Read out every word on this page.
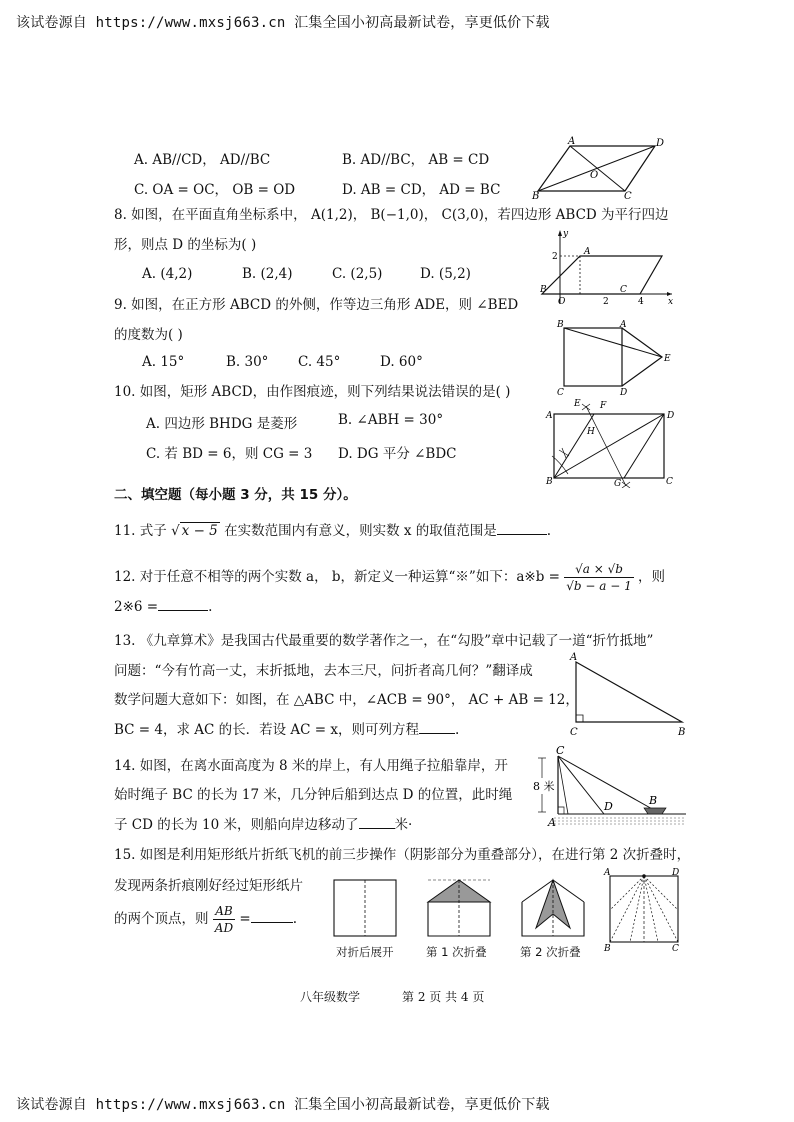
该试卷源自 https://www.mxsj663.cn 汇集全国小初高最新试卷，享更低价下载
A. AB//CD， AD//BC	B. AD//BC， AB = CD
C. OA = OC， OB = OD	D. AB = CD， AD = BC
A	D
O
B	C
8. 如图，在平面直角坐标系中， A(1,2)， B(−1,0)， C(3,0)，若四边形 ABCD 为平行四边
形，则点 D 的坐标为( )
A. (4,2)	B. (2,4)	C. (2,5)	D. (5,2)
y
A
2
B
O	2
C
4	x
9. 如图，在正方形 ABCD 的外侧，作等边三角形 ADE，则 ∠BED
的度数为( )
A. 15°	B. 30° C. 45°	D. 60°
B	A
E
C	D
10. 如图，矩形 ABCD，由作图痕迹，则下列结果说法错误的是( )
A. 四边形 BHDG 是菱形	B. ∠ABH = 30°
C. 若 BD = 6，则 CG = 3 D. DG 平分 ∠BDC
E F
A	D
H
B	G	C
二、填空题（每小题 3 分，共 15 分）。
11. 式子 √ x − 5 在实数范围内有意义，则实数 x 的取值范围是	.
12. 对于任意不相等的两个实数 a， b，新定义一种运算“※”如下：a※b = $\frac{√a \times √b}{√b - a - 1}$ ，则
2※6 =	.
13. 《九章算术》是我国古代最重要的数学著作之一，在“勾股”章中记载了一道“折竹抵地”
问题：“今有竹高一丈，末折抵地，去本三尺，问折者高几何？”翻译成
数学问题大意如下：如图，在 △ABC 中，∠ACB = 90°， AC + AB = 12，
BC = 4，求 AC 的长．若设 AC = x，则可列方程	.
A
C	B
14. 如图，在离水面高度为 8 米的岸上，有人用绳子拉船靠岸，开
始时绳子 BC 的长为 17 米，几分钟后船到达点 D 的位置，此时绳
子 CD 的长为 10 米，则船向岸边移动了	米·
C
8 米
D	B
A
15. 如图是利用矩形纸片折纸飞机的前三步操作（阴影部分为重叠部分），在进行第 2 次折叠时，
发现两条折痕刚好经过矩形纸片
的两个顶点，则 $\frac{AB}{AD}$ =	.
对折后展开	第 1 次折叠	第 2 次折叠
A	D
B	C
八年级数学	第 2 页 共 4 页
该试卷源自 https://www.mxsj663.cn 汇集全国小初高最新试卷，享更低价下载
